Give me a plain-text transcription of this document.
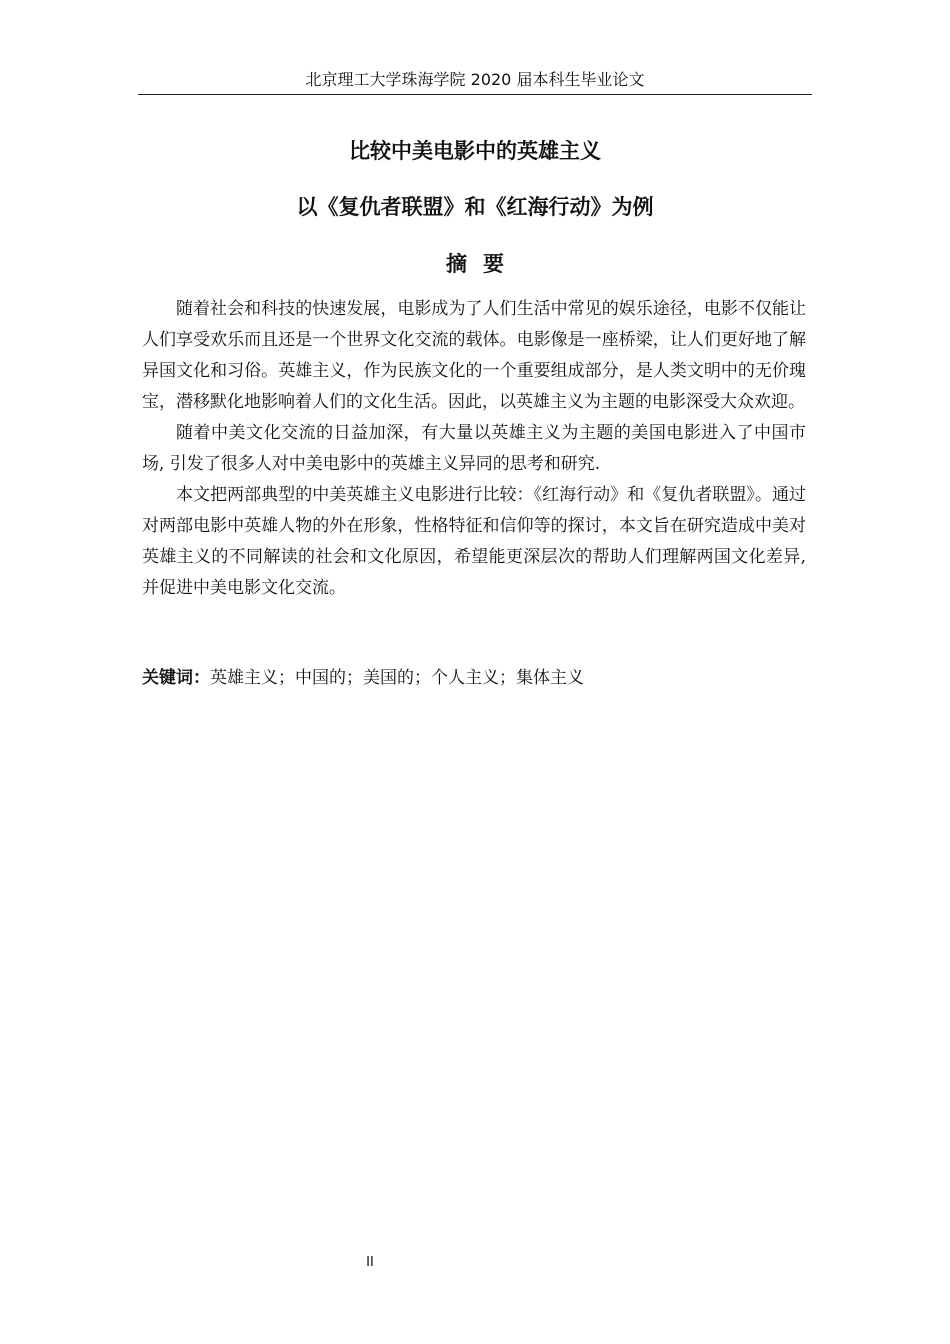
北京理工大学珠海学院 2020 届本科生毕业论文
比较中美电影中的英雄主义
以《复仇者联盟》和《红海行动》为例
摘要

随着社会和科技的快速发展，电影成为了人们生活中常见的娱乐途径，电影不仅能让人们享受欢乐而且还是一个世界文化交流的载体。电影像是一座桥梁，让人们更好地了解异国文化和习俗。英雄主义，作为民族文化的一个重要组成部分，是人类文明中的无价瑰宝，潜移默化地影响着人们的文化生活。因此，以英雄主义为主题的电影深受大众欢迎。

随着中美文化交流的日益加深，有大量以英雄主义为主题的美国电影进入了中国市场, 引发了很多人对中美电影中的英雄主义异同的思考和研究.

本文把两部典型的中美英雄主义电影进行比较：《红海行动》和《复仇者联盟》。通过对两部电影中英雄人物的外在形象，性格特征和信仰等的探讨，本文旨在研究造成中美对英雄主义的不同解读的社会和文化原因，希望能更深层次的帮助人们理解两国文化差异, 并促进中美电影文化交流。

关键词：英雄主义；中国的；美国的；个人主义；集体主义
II
